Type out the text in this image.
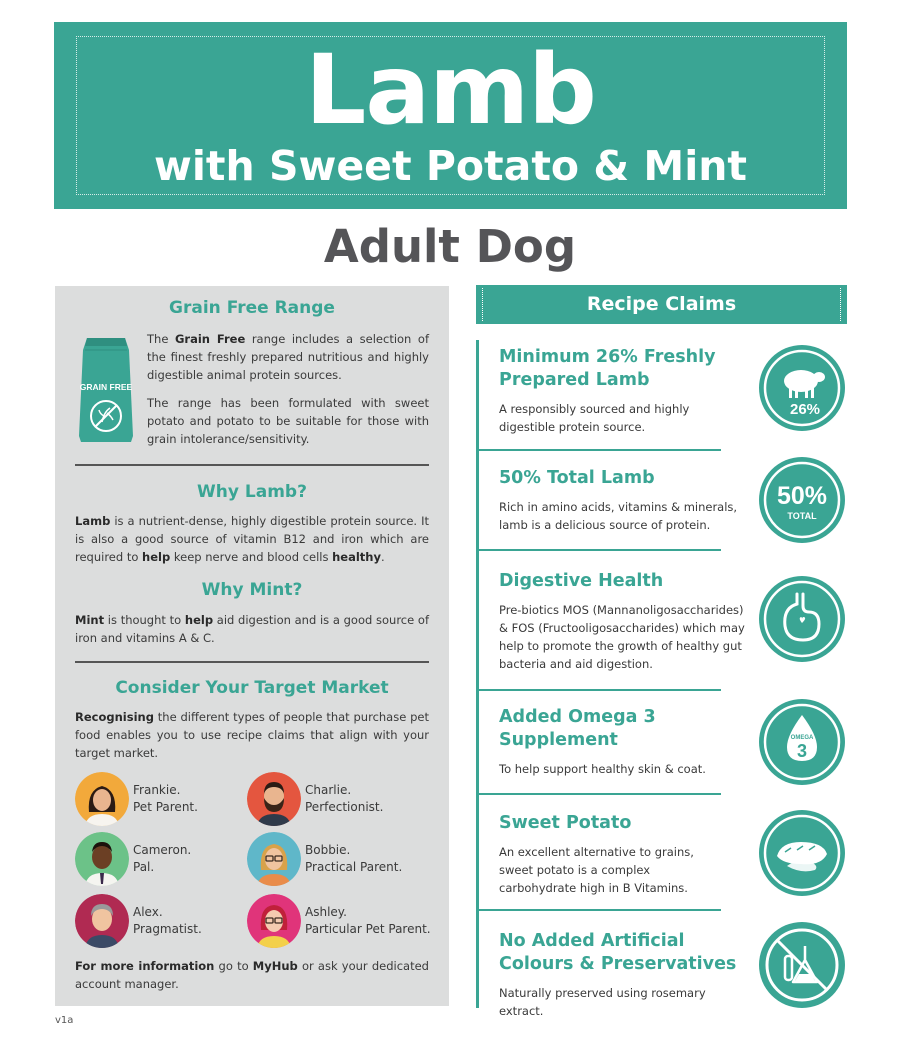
Lamb
with Sweet Potato & Mint
Adult Dog
Grain Free Range
GRAIN FREE
The Grain Free range includes a selection of the finest freshly prepared nutritious and highly digestible animal protein sources.
The range has been formulated with sweet potato and potato to be suitable for those with grain intolerance/sensitivity.
Why Lamb?
Lamb is a nutrient-dense, highly digestible protein source. It is also a good source of vitamin B12 and iron which are required to help keep nerve and blood cells healthy.
Why Mint?
Mint is thought to help aid digestion and is a good source of iron and vitamins A & C.
Consider Your Target Market
Recognising the different types of people that purchase pet food enables you to use recipe claims that align with your target market.
Frankie.
Pet Parent.
Charlie.
Perfectionist.
Cameron.
Pal.
Bobbie.
Practical Parent.
Alex.
Pragmatist.
Ashley.
Particular Pet Parent.
For more information go to MyHub or ask your dedicated account manager.
Recipe Claims
Minimum 26% Freshly Prepared Lamb
A responsibly sourced and highly digestible protein source.
50% Total Lamb
Rich in amino acids, vitamins & minerals, lamb is a delicious source of protein.
Digestive Health
Pre-biotics MOS (Mannanoligosaccharides) & FOS (Fructooligosaccharides) which may help to promote the growth of healthy gut bacteria and aid digestion.
Added Omega 3 Supplement
To help support healthy skin & coat.
Sweet Potato
An excellent alternative to grains, sweet potato is a complex carbohydrate high in B Vitamins.
No Added Artificial Colours & Preservatives
Naturally preserved using rosemary extract.
26%
50%
TOTAL
OMEGA
3
v1a
